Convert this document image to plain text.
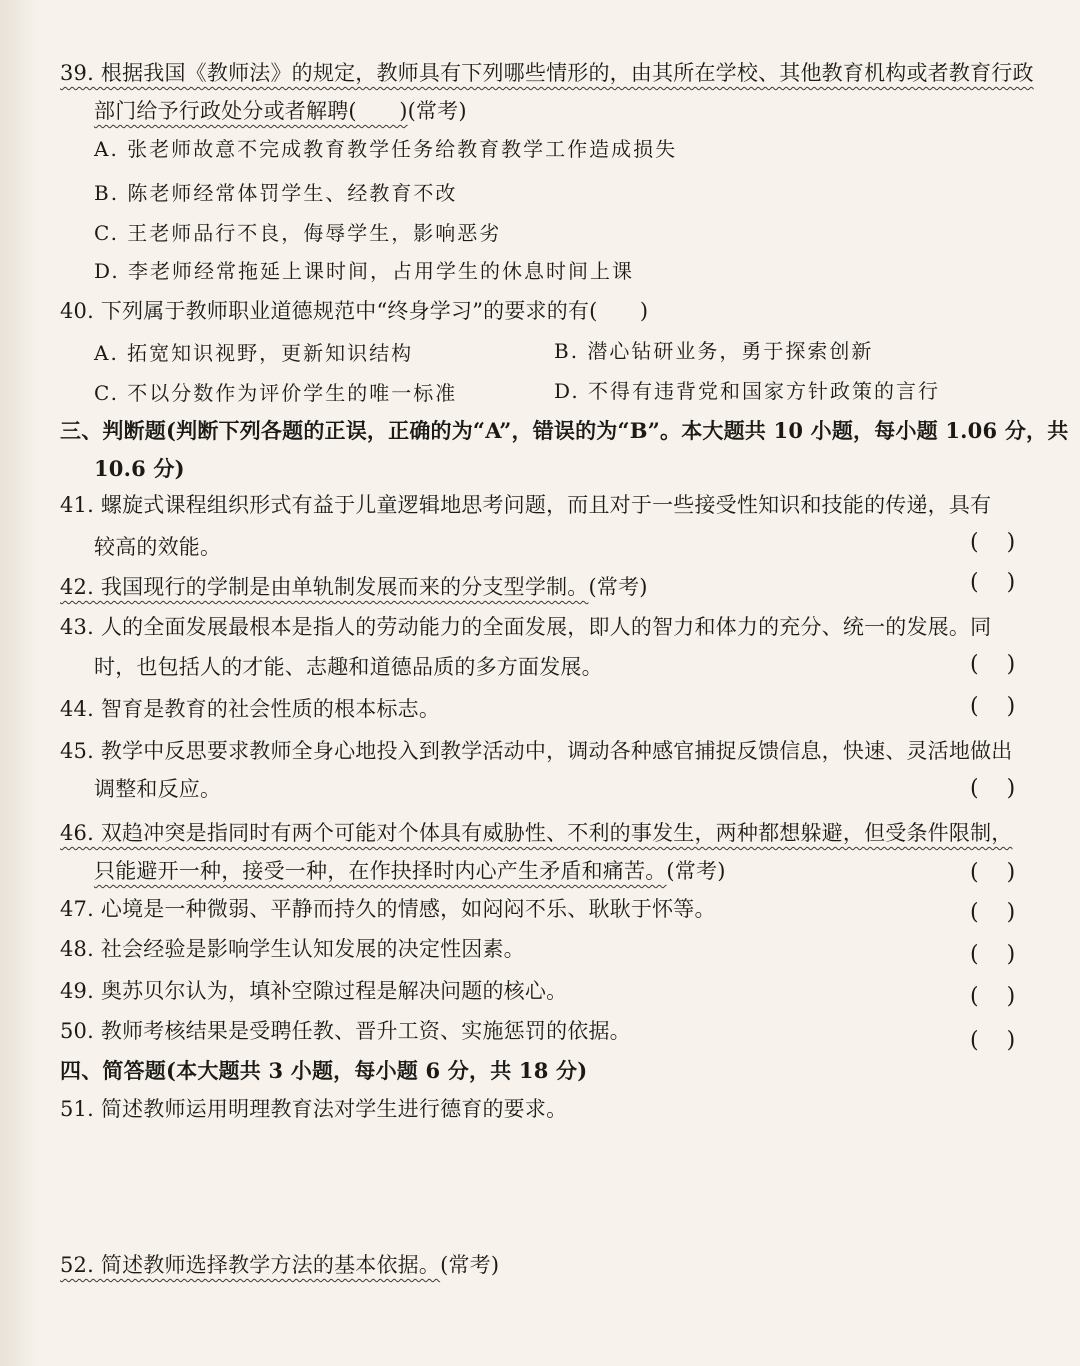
39. 根据我国《教师法》的规定，教师具有下列哪些情形的，由其所在学校、其他教育机构或者教育行政
部门给予行政处分或者解聘(　　)(常考)
A. 张老师故意不完成教育教学任务给教育教学工作造成损失
B. 陈老师经常体罚学生、经教育不改
C. 王老师品行不良，侮辱学生，影响恶劣
D. 李老师经常拖延上课时间，占用学生的休息时间上课
40. 下列属于教师职业道德规范中“终身学习”的要求的有(　　)
A. 拓宽知识视野，更新知识结构	B. 潜心钻研业务，勇于探索创新
C. 不以分数作为评价学生的唯一标准	D. 不得有违背党和国家方针政策的言行
三、判断题(判断下列各题的正误，正确的为“A”，错误的为“B”。本大题共 10 小题，每小题 1.06 分，共
10.6 分)
41. 螺旋式课程组织形式有益于儿童逻辑地思考问题，而且对于一些接受性知识和技能的传递，具有
较高的效能。	()
42. 我国现行的学制是由单轨制发展而来的分支型学制。(常考)	()
43. 人的全面发展最根本是指人的劳动能力的全面发展，即人的智力和体力的充分、统一的发展。同
时，也包括人的才能、志趣和道德品质的多方面发展。	()
44. 智育是教育的社会性质的根本标志。	()
45. 教学中反思要求教师全身心地投入到教学活动中，调动各种感官捕捉反馈信息，快速、灵活地做出
调整和反应。	()
46. 双趋冲突是指同时有两个可能对个体具有威胁性、不利的事发生，两种都想躲避，但受条件限制，
只能避开一种，接受一种，在作抉择时内心产生矛盾和痛苦。(常考)	()
47. 心境是一种微弱、平静而持久的情感，如闷闷不乐、耿耿于怀等。	()
48. 社会经验是影响学生认知发展的决定性因素。	()
49. 奥苏贝尔认为，填补空隙过程是解决问题的核心。	()
50. 教师考核结果是受聘任教、晋升工资、实施惩罚的依据。	()
四、简答题(本大题共 3 小题，每小题 6 分，共 18 分)
51. 简述教师运用明理教育法对学生进行德育的要求。
52. 简述教师选择教学方法的基本依据。(常考)
